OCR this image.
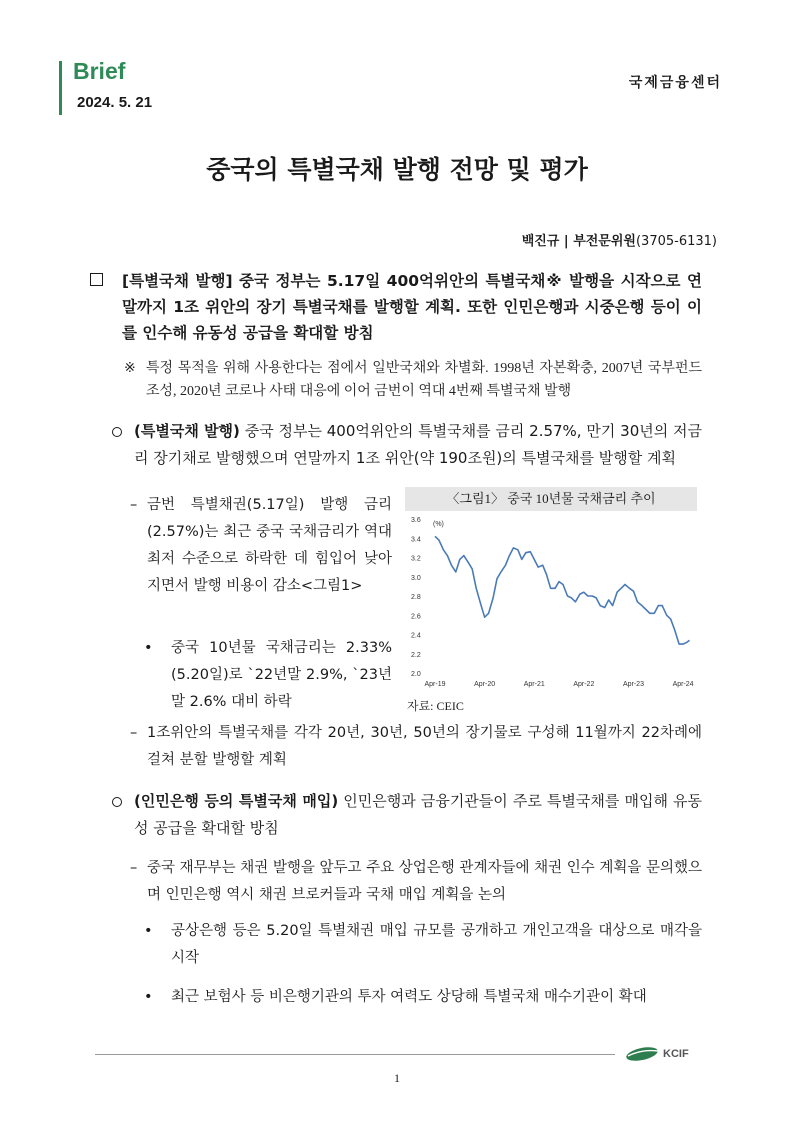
Brief
2024. 5. 21
국제금융센터
중국의 특별국채 발행 전망 및 평가
백진규 | 부전문위원(3705-6131)
[특별국채 발행] 중국 정부는 5.17일 400억위안의 특별국채※ 발행을 시작으로 연말까지 1조 위안의 장기 특별국채를 발행할 계획. 또한 인민은행과 시중은행 등이 이를 인수해 유동성 공급을 확대할 방침
※ 특정 목적을 위해 사용한다는 점에서 일반국채와 차별화. 1998년 자본확충, 2007년 국부펀드 조성, 2020년 코로나 사태 대응에 이어 금번이 역대 4번째 특별국채 발행
(특별국채 발행) 중국 정부는 400억위안의 특별국채를 금리 2.57%, 만기 30년의 저금리 장기채로 발행했으며 연말까지 1조 위안(약 190조원)의 특별국채를 발행할 계획
– 금번 특별채권(5.17일) 발행 금리(2.57%)는 최근 중국 국채금리가 역대 최저 수준으로 하락한 데 힘입어 낮아지면서 발행 비용이 감소<그림1>
• 중국 10년물 국채금리는 2.33%(5.20일)로 `22년말 2.9%, `23년말 2.6% 대비 하락
〈그림1〉 중국 10년물 국채금리 추이
2.0
2.2
2.4
2.6
2.8
3.0
3.2
3.4
3.6
(%)
Apr-19	Apr-20	Apr-21	Apr-22	Apr-23	Apr-24
자료: CEIC
– 1조위안의 특별국채를 각각 20년, 30년, 50년의 장기물로 구성해 11월까지 22차례에 걸쳐 분할 발행할 계획
(인민은행 등의 특별국채 매입) 인민은행과 금융기관들이 주로 특별국채를 매입해 유동성 공급을 확대할 방침
– 중국 재무부는 채권 발행을 앞두고 주요 상업은행 관계자들에 채권 인수 계획을 문의했으며 인민은행 역시 채권 브로커들과 국채 매입 계획을 논의
• 공상은행 등은 5.20일 특별채권 매입 규모를 공개하고 개인고객을 대상으로 매각을 시작
• 최근 보험사 등 비은행기관의 투자 여력도 상당해 특별국채 매수기관이 확대
KCIF
1
